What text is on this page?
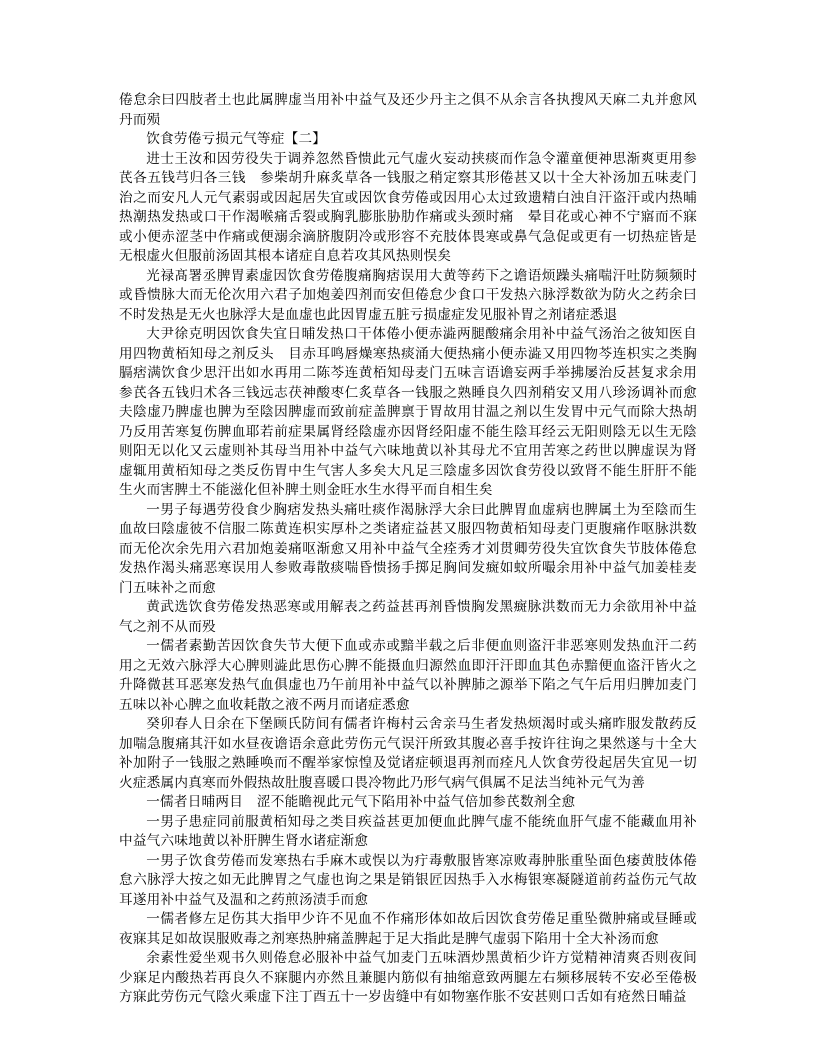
倦怠余曰四肢者土也此属脾虚当用补中益气及还少丹主之俱不从余言各执搜风天麻二丸并愈风丹而殒

饮食劳倦亏损元气等症【二】

进士王汝和因劳役失于调养忽然昏愦此元气虚火妄动挟痰而作急令灌童便神思渐爽更用参芪各五钱芎归各三钱　参柴胡升麻炙草各一钱服之稍定察其形倦甚又以十全大补汤加五味麦门治之而安凡人元气素弱或因起居失宜或因饮食劳倦或因用心太过致遗精白浊自汗盗汗或内热晡热潮热发热或口干作渴喉痛舌裂或胸乳膨胀胁肋作痛或头颈时痛　晕目花或心神不宁寤而不寐或小便赤涩茎中作痛或便溺余滴脐腹阴冷或形容不充肢体畏寒或鼻气急促或更有一切热症皆是无根虚火但服前汤固其根本诸症自息若攻其风热则悮矣

光禄髙署丞脾胃素虚因饮食劳倦腹痛胸痞误用大黄等药下之谵语烦躁头痛喘汗吐防频频时或昏愦脉大而无伦次用六君子加炮姜四剂而安但倦怠少食口干发热六脉浮数欲为防火之药余曰不时发热是无火也脉浮大是血虚也此因胃虚五脏亏损虚症发见服补胃之剂诸症悉退

大尹徐克明因饮食失宜日晡发热口干体倦小便赤澁两腿酸痛余用补中益气汤治之彼知医自用四物黄栢知母之剂反头　目赤耳鸣唇燥寒热痰涌大便热痛小便赤澁又用四物芩连枳实之类胸膈痞满饮食少思汗出如水再用二陈芩连黄栢知母麦门五味言语谵妄两手举拂屡治反甚复求余用参芪各五钱归术各三钱远志茯神酸枣仁炙草各一钱服之熟睡良久四剂稍安又用八珍汤调补而愈夫陰虚乃脾虚也脾为至陰因脾虚而致前症盖脾禀于胃故用甘温之剂以生发胃中元气而除大热胡乃反用苦寒复伤脾血耶若前症果属肾经陰虚亦因肾经阳虚不能生陰耳经云无阳则陰无以生无陰则阳无以化又云虚则补其母当用补中益气六味地黄以补其母尤不宜用苦寒之药世以脾虚误为肾虚辄用黄栢知母之类反伤胃中生气害人多矣大凡足三陰虚多因饮食劳役以致肾不能生肝肝不能生火而害脾土不能滋化但补脾土则金旺水生水得平而自相生矣

一男子每遇劳役食少胸痞发热头痛吐痰作渴脉浮大余曰此脾胃血虚病也脾属土为至陰而生血故曰陰虚彼不信服二陈黄连枳实厚朴之类诸症益甚又服四物黄栢知母麦门更腹痛作呕脉洪数而无伦次余先用六君加炮姜痛呕渐愈又用补中益气全痊秀才刘贯卿劳役失宜饮食失节肢体倦怠发热作渴头痛恶寒误用人参败毒散痰喘昏愦扬手掷足胸间发癍如蚊所嘬余用补中益气加姜桂麦门五味补之而愈

黄武选饮食劳倦发热恶寒或用解表之药益甚再剂昏愦胸发黑癍脉洪数而无力余欲用补中益气之剂不从而殁

一儒者素勤苦因饮食失节大便下血或赤或黯半载之后非便血则盗汗非恶寒则发热血汗二药用之无效六脉浮大心脾则澁此思伤心脾不能摄血归源然血即汗汗即血其色赤黯便血盗汗皆火之升降微甚耳恶寒发热气血俱虚也乃午前用补中益气以补脾肺之源举下陷之气午后用归脾加麦门五味以补心脾之血收耗散之液不两月而诸症悉愈

癸卯春人日余在下堡顾氏防间有儒者许梅村云舍亲马生者发热烦渴时或头痛昨服发散药反加喘急腹痛其汗如水昼夜谵语余意此劳伤元气误汗所致其腹必喜手按许往询之果然遂与十全大补加附子一钱服之熟睡唤而不醒举家惊惶及觉诸症顿退再剂而痊凡人饮食劳役起居失宜见一切火症悉属内真寒而外假热故肚腹喜暖口畏冷物此乃形气病气俱属不足法当纯补元气为善

一儒者日晡两目　涩不能瞻视此元气下陷用补中益气倍加参芪数剂全愈

一男子患症同前服黄栢知母之类目疾益甚更加便血此脾气虚不能统血肝气虚不能藏血用补中益气六味地黄以补肝脾生肾水诸症渐愈

一男子饮食劳倦而发寒热右手麻木或悮以为疔毒敷服皆寒凉败毒肿胀重坠面色痿黄肢体倦怠六脉浮大按之如无此脾胃之气虚也询之果是销银匠因热手入水梅银寒凝隧道前药益伤元气故耳遂用补中益气及温和之药煎汤渍手而愈

一儒者修左足伤其大指甲少许不见血不作痛形体如故后因饮食劳倦足重坠微肿痛或昼睡或夜寐其足如故误服败毒之剂寒热肿痛盖脾起于足大指此是脾气虚弱下陷用十全大补汤而愈

余素性爱坐观书久则倦怠必服补中益气加麦门五味酒炒黑黄栢少许方觉精神清爽否则夜间少寐足内酸热若再良久不寐腿内亦然且兼腿内筋似有抽缩意致两腿左右频移展转不安必至倦极方寐此劳伤元气陰火乘虚下注丁酉五十一岁齿缝中有如物塞作胀不安甚则口舌如有疮然日晡益
